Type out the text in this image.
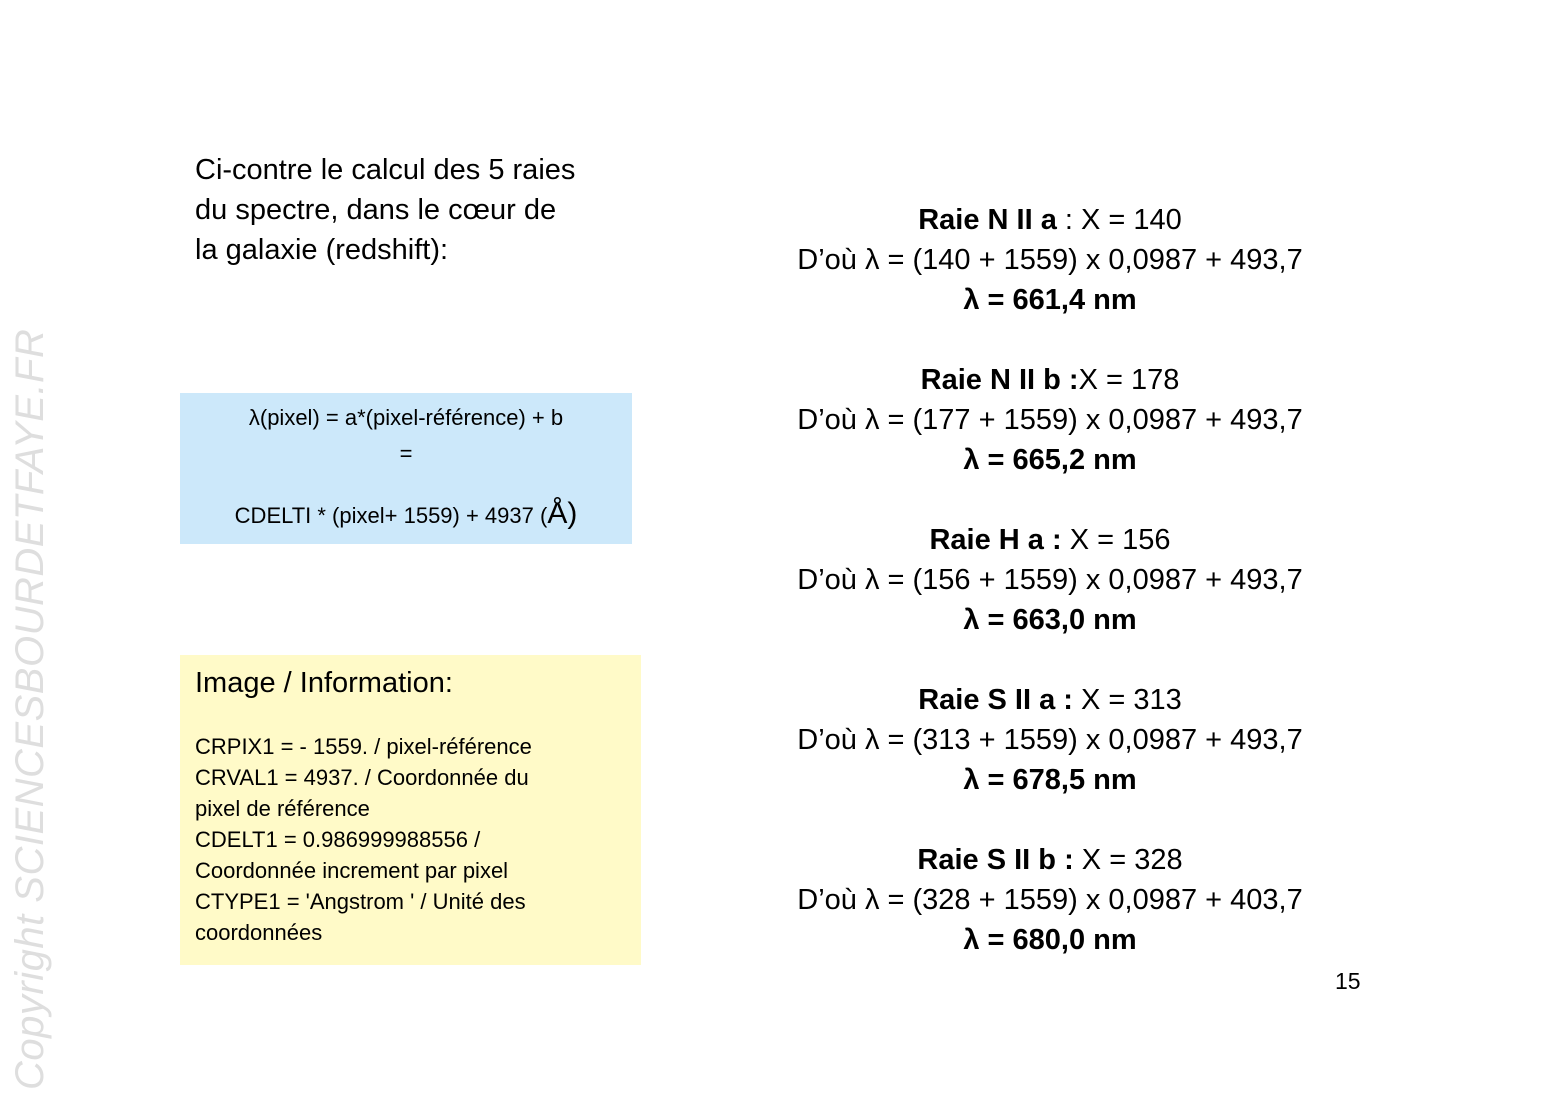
Copyright SCIENCESBOURDETFAYE.FR
Ci-contre le calcul des 5 raies
du spectre, dans le cœur de
la galaxie (redshift):
λ(pixel) = a*(pixel-référence) + b
=
CDELTI * (pixel+ 1559) + 4937 (Å)
Image / Information:
CRPIX1 = - 1559. / pixel-référence
CRVAL1 = 4937. / Coordonnée du
pixel de référence
CDELT1 = 0.986999988556 /
Coordonnée increment par pixel
CTYPE1 = 'Angstrom ' / Unité des
coordonnées
Raie N II a : X = 140
D’où λ = (140 + 1559) x 0,0987 + 493,7
λ = 661,4 nm
Raie N II b :X = 178
D’où λ = (177 + 1559) x 0,0987 + 493,7
λ = 665,2 nm
Raie H a : X = 156
D’où λ = (156 + 1559) x 0,0987 + 493,7
λ = 663,0 nm
Raie S II a : X = 313
D’où λ = (313 + 1559) x 0,0987 + 493,7
λ = 678,5 nm
Raie S II b : X = 328
D’où λ = (328 + 1559) x 0,0987 + 403,7
λ = 680,0 nm
15
